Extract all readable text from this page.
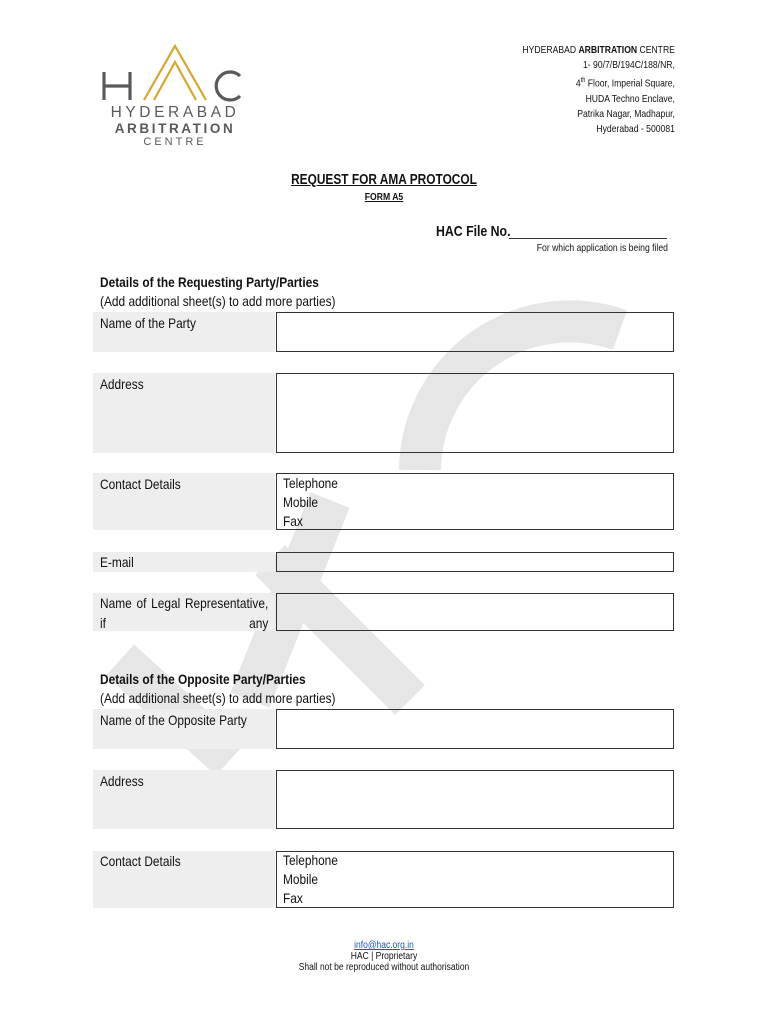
HYDERABAD
ARBITRATION
CENTRE
HYDERABAD ARBITRATION CENTRE
1- 90/7/B/194C/188/NR,
4th Floor, Imperial Square,
HUDA Techno Enclave,
Patrika Nagar, Madhapur,
Hyderabad - 500081
REQUEST FOR AMA PROTOCOL
FORM A5
HAC File No.
For which application is being filed
Details of the Requesting Party/Parties
(Add additional sheet(s) to add more parties)
Name of the Party
Address
Contact Details	Telephone
Mobile
Fax
E-mail
Name of Legal Representative, if any
Details of the Opposite Party/Parties
(Add additional sheet(s) to add more parties)
Name of the Opposite Party
Address
Contact Details	Telephone
Mobile
Fax
info@hac.org.in
HAC | Proprietary
Shall not be reproduced without authorisation
